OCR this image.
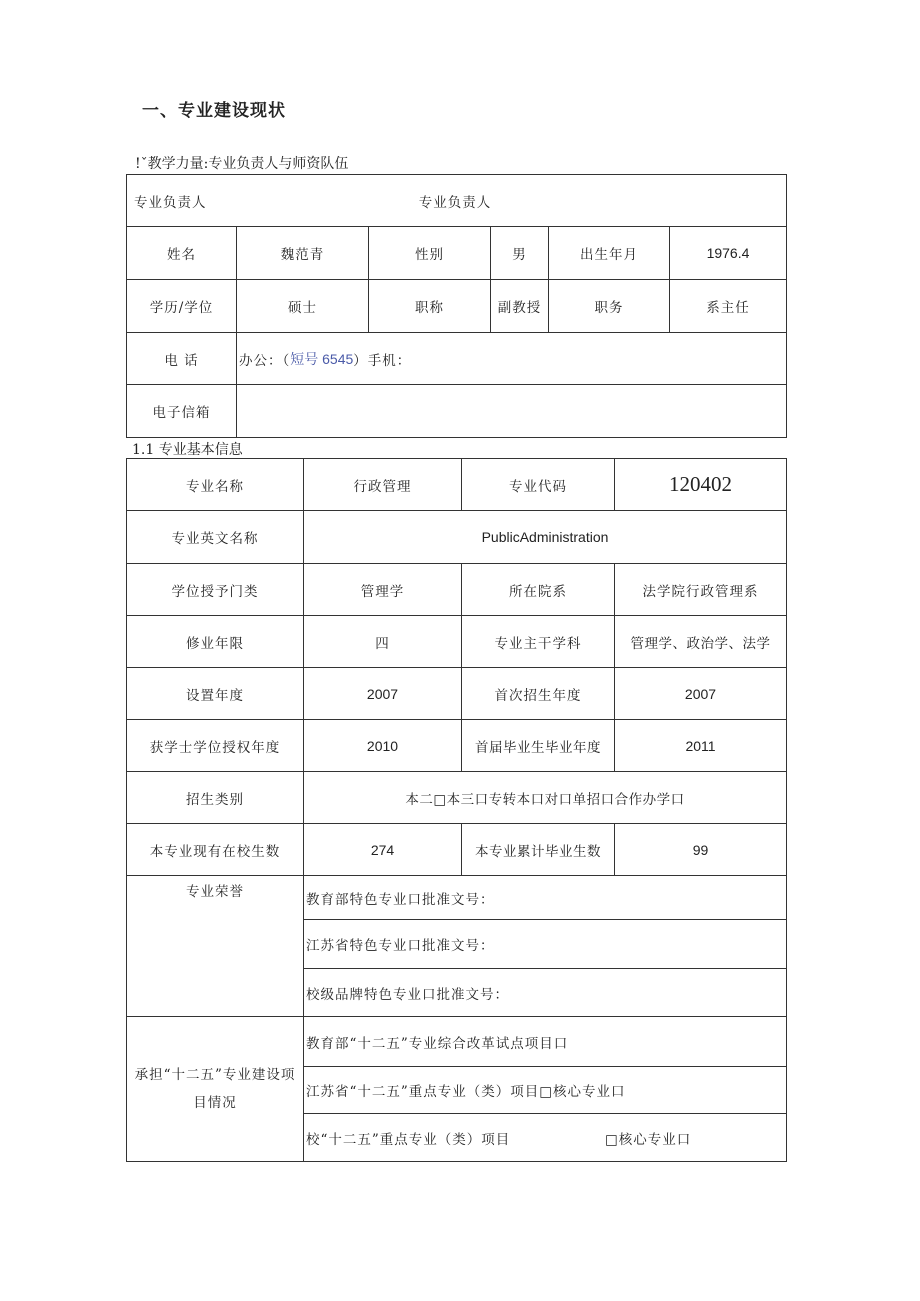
一、专业建设现状
!ˇ教学力量:专业负责人与师资队伍
专业负责人	专业负责人
姓名	魏范青	性别	男	出生年月	1976.4
学历/学位	硕士	职称	副教授	职务	系主任
电 话	办公：（ 短号 6545 ）手机：
电子信箱
1.1 专业基本信息
专业名称	行政管理	专业代码	120402
专业英文名称	PublicAdministration
学位授予门类	管理学	所在院系	法学院行政管理系
修业年限	四	专业主干学科	管理学、政治学、法学
设置年度	2007	首次招生年度	2007
获学士学位授权年度	2010	首届毕业生毕业年度	2011
招生类别	本二□本三口专转本口对口单招口合作办学口
本专业现有在校生数	274	本专业累计毕业生数	99
专业荣誉	教育部特色专业口批准文号：
江苏省特色专业口批准文号：
校级品牌特色专业口批准文号：
承担“十二五”专业建设项目情况
教育部“十二五”专业综合改革试点项目口
江苏省“十二五”重点专业（类）项目□核心专业口
校“十二五”重点专业（类）项目	□核心专业口
